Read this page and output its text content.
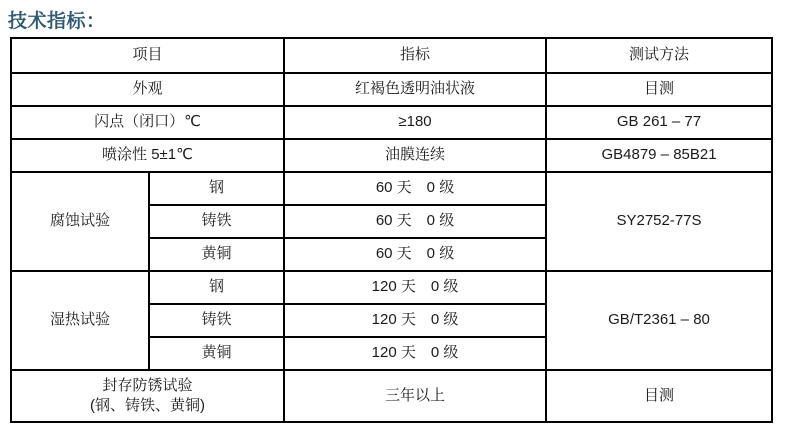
技术指标：
项目		指标	测试方法
外观		红褐色透明油状液	目测
闪点（闭口）℃		≥180	GB 261 – 77
喷涂性 5±1℃		油膜连续	GB4879 – 85B21
腐蚀试验	钢	60 天　0 级	SY2752-77S
	铸铁	60 天　0 级	
	黄铜	60 天　0 级	
湿热试验	钢	120 天　0 级	GB/T2361 – 80
	铸铁	120 天　0 级	
	黄铜	120 天　0 级	

封存防锈试验
(钢、铸铁、黄铜)		三年以上	目测
